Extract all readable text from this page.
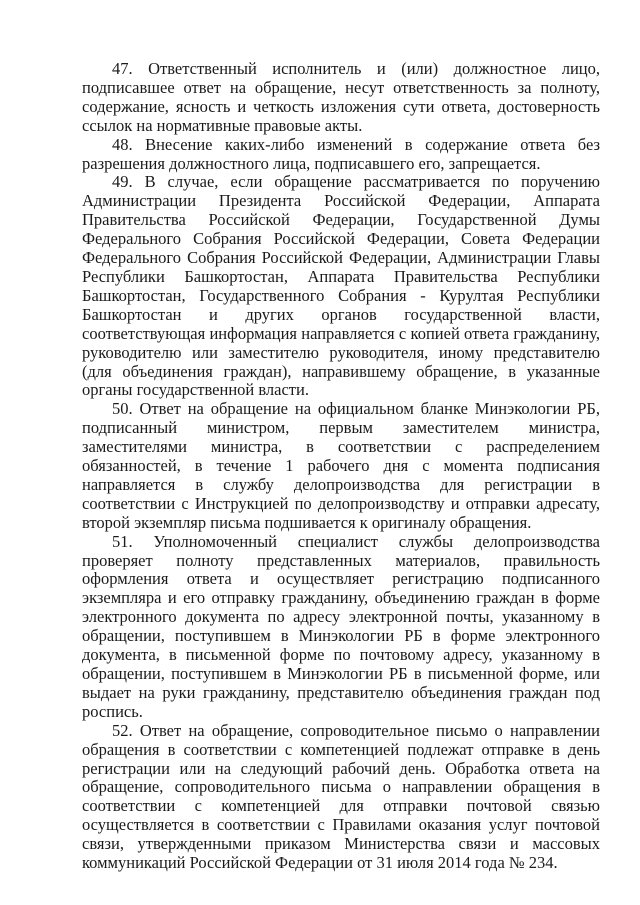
47. Ответственный исполнитель и (или) должностное лицо, подписавшее ответ на обращение, несут ответственность за полноту, содержание, ясность и четкость изложения сути ответа, достоверность ссылок на нормативные правовые акты.

48. Внесение каких-либо изменений в содержание ответа без разрешения должностного лица, подписавшего его, запрещается.

49. В случае, если обращение рассматривается по поручению Администрации Президента Российской Федерации, Аппарата Правительства Российской Федерации, Государственной Думы Федерального Собрания Российской Федерации, Совета Федерации Федерального Собрания Российской Федерации, Администрации Главы Республики Башкортостан, Аппарата Правительства Республики Башкортостан, Государственного Собрания - Курултая Республики Башкортостан и других органов государственной власти, соответствующая информация направляется с копией ответа гражданину, руководителю или заместителю руководителя, иному представителю (для объединения граждан), направившему обращение, в указанные органы государственной власти.

50. Ответ на обращение на официальном бланке Минэкологии РБ, подписанный министром, первым заместителем министра, заместителями министра, в соответствии с распределением обязанностей, в течение 1 рабочего дня с момента подписания направляется в службу делопроизводства для регистрации в соответствии с Инструкцией по делопроизводству и отправки адресату, второй экземпляр письма подшивается к оригиналу обращения.

51. Уполномоченный специалист службы делопроизводства проверяет полноту представленных материалов, правильность оформления ответа и осуществляет регистрацию подписанного экземпляра и его отправку гражданину, объединению граждан в форме электронного документа по адресу электронной почты, указанному в обращении, поступившем в Минэкологии РБ в форме электронного документа, в письменной форме по почтовому адресу, указанному в обращении, поступившем в Минэкологии РБ в письменной форме, или выдает на руки гражданину, представителю объединения граждан под роспись.

52. Ответ на обращение, сопроводительное письмо о направлении обращения в соответствии с компетенцией подлежат отправке в день регистрации или на следующий рабочий день. Обработка ответа на обращение, сопроводительного письма о направлении обращения в соответствии с компетенцией для отправки почтовой связью осуществляется в соответствии с Правилами оказания услуг почтовой связи, утвержденными приказом Министерства связи и массовых коммуникаций Российской Федерации от 31 июля 2014 года № 234.
